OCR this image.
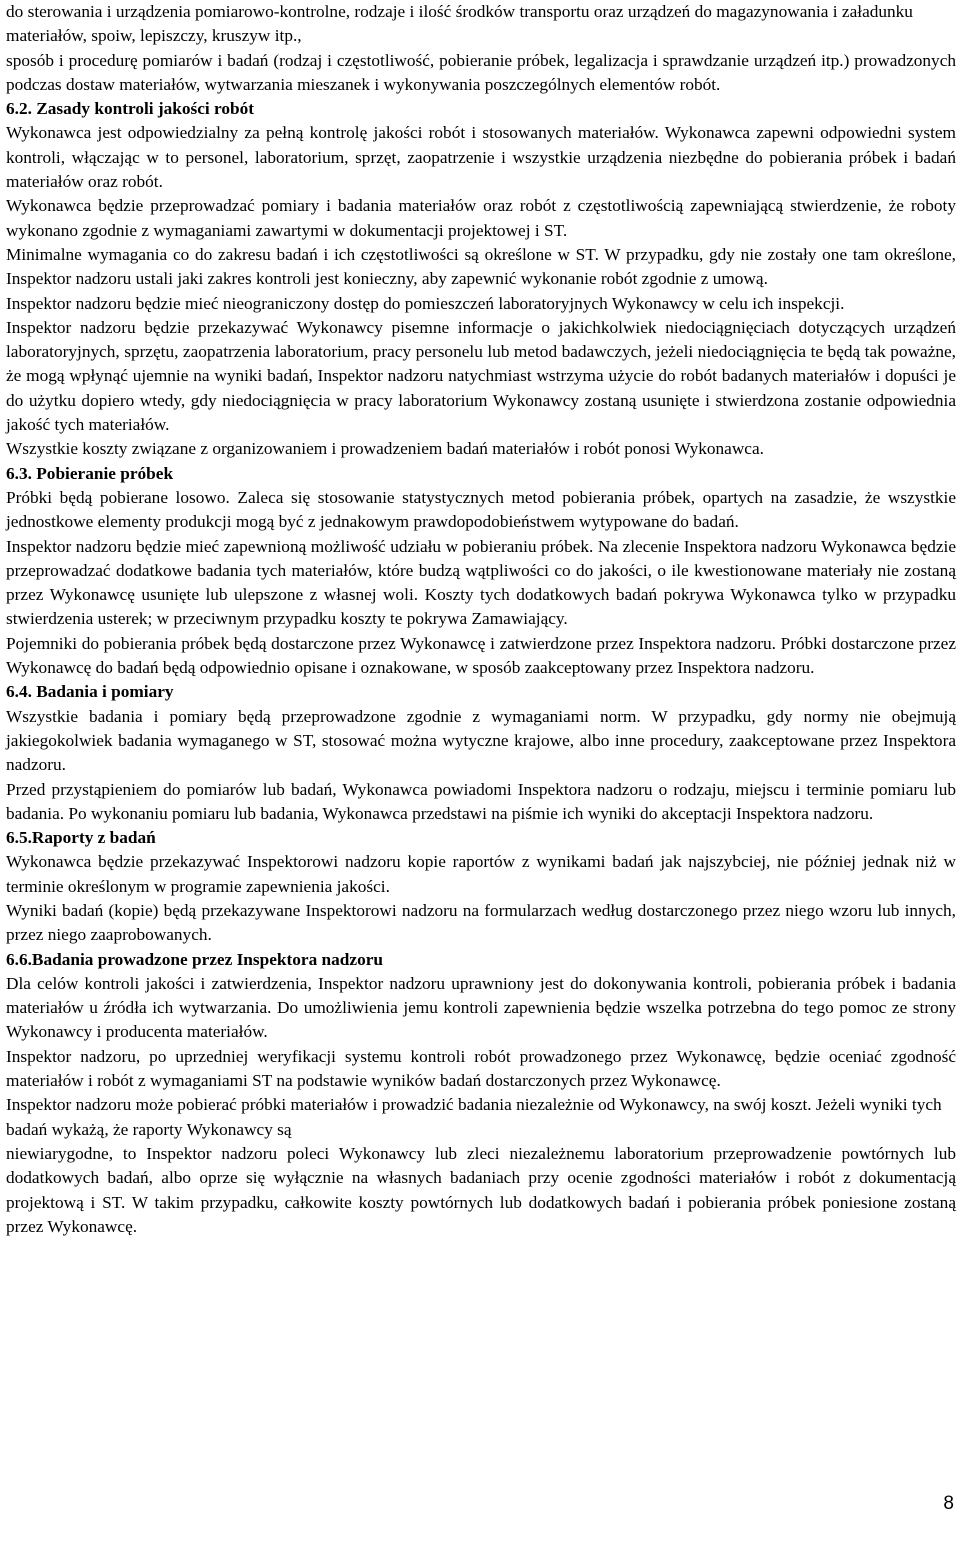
do sterowania i urządzenia pomiarowo-kontrolne, rodzaje i ilość środków transportu oraz urządzeń do magazynowania i załadunku materiałów, spoiw, lepiszczy, kruszyw itp.,

sposób i procedurę pomiarów i badań (rodzaj i częstotliwość, pobieranie próbek, legalizacja i sprawdzanie urządzeń itp.) prowadzonych podczas dostaw materiałów, wytwarzania mieszanek i wykonywania poszczególnych elementów robót.

6.2. Zasady kontroli jakości robót

Wykonawca jest odpowiedzialny za pełną kontrolę jakości robót i stosowanych materiałów. Wykonawca zapewni odpowiedni system kontroli, włączając w to personel, laboratorium, sprzęt, zaopatrzenie i wszystkie urządzenia niezbędne do pobierania próbek i badań materiałów oraz robót.

Wykonawca będzie przeprowadzać pomiary i badania materiałów oraz robót z częstotliwością zapewniającą stwierdzenie, że roboty wykonano zgodnie z wymaganiami zawartymi w dokumentacji projektowej i ST.

Minimalne wymagania co do zakresu badań i ich częstotliwości są określone w ST. W przypadku, gdy nie zostały one tam określone, Inspektor nadzoru ustali jaki zakres kontroli jest konieczny, aby zapewnić wykonanie robót zgodnie z umową.

Inspektor nadzoru będzie mieć nieograniczony dostęp do pomieszczeń laboratoryjnych Wykonawcy w celu ich inspekcji.

Inspektor nadzoru będzie przekazywać Wykonawcy pisemne informacje o jakichkolwiek niedociągnięciach dotyczących urządzeń laboratoryjnych, sprzętu, zaopatrzenia laboratorium, pracy personelu lub metod badawczych, jeżeli niedociągnięcia te będą tak poważne, że mogą wpłynąć ujemnie na wyniki badań, Inspektor nadzoru natychmiast wstrzyma użycie do robót badanych materiałów i dopuści je do użytku dopiero wtedy, gdy niedociągnięcia w pracy laboratorium Wykonawcy zostaną usunięte i stwierdzona zostanie odpowiednia jakość tych materiałów.

Wszystkie koszty związane z organizowaniem i prowadzeniem badań materiałów i robót ponosi Wykonawca.

6.3. Pobieranie próbek

Próbki będą pobierane losowo. Zaleca się stosowanie statystycznych metod pobierania próbek, opartych na zasadzie, że wszystkie jednostkowe elementy produkcji mogą być z jednakowym prawdopodobieństwem wytypowane do badań.

Inspektor nadzoru będzie mieć zapewnioną możliwość udziału w pobieraniu próbek. Na zlecenie Inspektora nadzoru Wykonawca będzie przeprowadzać dodatkowe badania tych materiałów, które budzą wątpliwości co do jakości, o ile kwestionowane materiały nie zostaną przez Wykonawcę usunięte lub ulepszone z własnej woli. Koszty tych dodatkowych badań pokrywa Wykonawca tylko w przypadku stwierdzenia usterek; w przeciwnym przypadku koszty te pokrywa Zamawiający.

Pojemniki do pobierania próbek będą dostarczone przez Wykonawcę i zatwierdzone przez Inspektora nadzoru. Próbki dostarczone przez Wykonawcę do badań będą odpowiednio opisane i oznakowane, w sposób zaakceptowany przez Inspektora nadzoru.

6.4. Badania i pomiary

Wszystkie badania i pomiary będą przeprowadzone zgodnie z wymaganiami norm. W przypadku, gdy normy nie obejmują jakiegokolwiek badania wymaganego w ST, stosować można wytyczne krajowe, albo inne procedury, zaakceptowane przez Inspektora nadzoru.

Przed przystąpieniem do pomiarów lub badań, Wykonawca powiadomi Inspektora nadzoru o rodzaju, miejscu i terminie pomiaru lub badania. Po wykonaniu pomiaru lub badania, Wykonawca przedstawi na piśmie ich wyniki do akceptacji Inspektora nadzoru.

6.5.Raporty z badań

Wykonawca będzie przekazywać Inspektorowi nadzoru kopie raportów z wynikami badań jak najszybciej, nie później jednak niż w terminie określonym w programie zapewnienia jakości.

Wyniki badań (kopie) będą przekazywane Inspektorowi nadzoru na formularzach według dostarczonego przez niego wzoru lub innych, przez niego zaaprobowanych.

6.6.Badania prowadzone przez Inspektora nadzoru

Dla celów kontroli jakości i zatwierdzenia, Inspektor nadzoru uprawniony jest do dokonywania kontroli, pobierania próbek i badania materiałów u źródła ich wytwarzania. Do umożliwienia jemu kontroli zapewnienia będzie wszelka potrzebna do tego pomoc ze strony Wykonawcy i producenta materiałów.

Inspektor nadzoru, po uprzedniej weryfikacji systemu kontroli robót prowadzonego przez Wykonawcę, będzie oceniać zgodność materiałów i robót z wymaganiami ST na podstawie wyników badań dostarczonych przez Wykonawcę.

Inspektor nadzoru może pobierać próbki materiałów i prowadzić badania niezależnie od Wykonawcy, na swój koszt. Jeżeli wyniki tych badań wykażą, że raporty Wykonawcy są

niewiarygodne, to Inspektor nadzoru poleci Wykonawcy lub zleci niezależnemu laboratorium przeprowadzenie powtórnych lub dodatkowych badań, albo oprze się wyłącznie na własnych badaniach przy ocenie zgodności materiałów i robót z dokumentacją projektową i ST. W takim przypadku, całkowite koszty powtórnych lub dodatkowych badań i pobierania próbek poniesione zostaną przez Wykonawcę.

8
